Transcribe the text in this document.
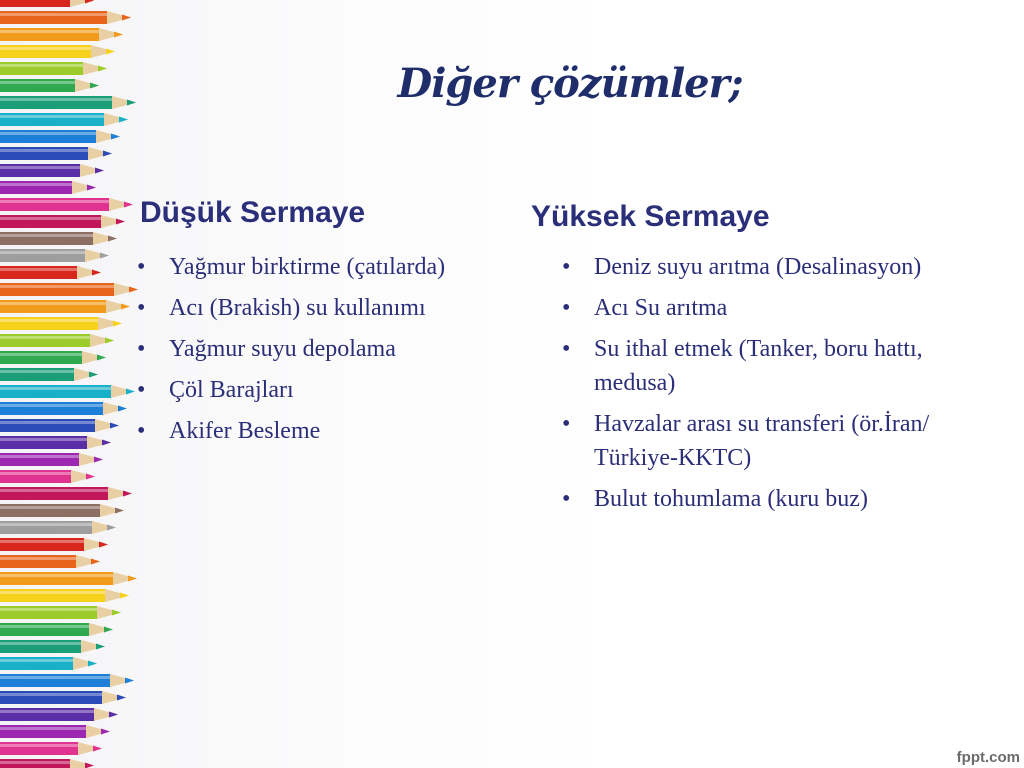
Diğer çözümler;
Düşük Sermaye
• Yağmur birktirme (çatılarda)
• Acı (Brakish) su kullanımı
• Yağmur suyu depolama
• Çöl Barajları
• Akifer Besleme
Yüksek Sermaye
• Deniz suyu arıtma (Desalinasyon)
• Acı Su arıtma
• Su ithal etmek (Tanker, boru hattı, medusa)
• Havzalar arası su transferi (ör.İran/ Türkiye-KKTC)
• Bulut tohumlama (kuru buz)
fppt.com
